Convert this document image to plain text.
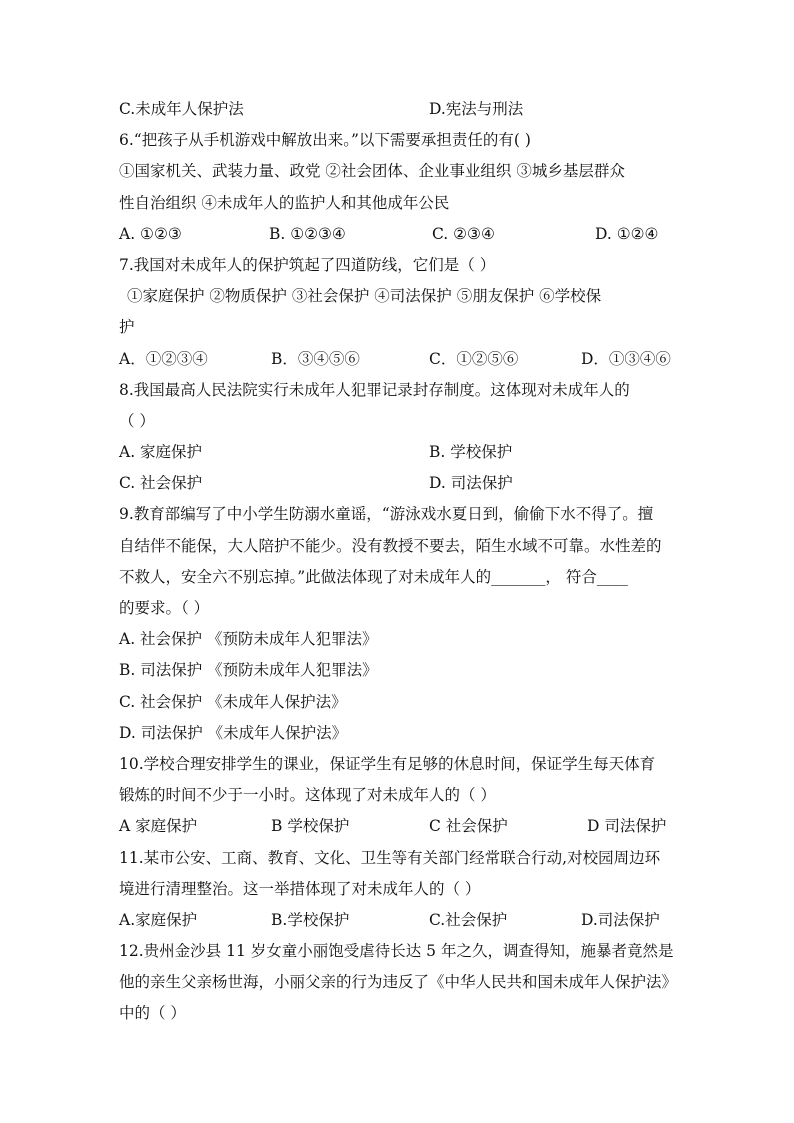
C.未成年人保护法	D.宪法与刑法
6.“把孩子从手机游戏中解放出来。”以下需要承担责任的有( )
①国家机关、武装力量、政党 ②社会团体、企业事业组织 ③城乡基层群众
性自治组织 ④未成年人的监护人和其他成年公民
A. ①②③	B. ①②③④	C. ②③④	D. ①②④
7.我国对未成年人的保护筑起了四道防线，它们是（ ）
①家庭保护 ②物质保护 ③社会保护 ④司法保护 ⑤朋友保护 ⑥学校保
护
A．①②③④	B．③④⑤⑥	C．①②⑤⑥	D．①③④⑥
8.我国最高人民法院实行未成年人犯罪记录封存制度。这体现对未成年人的
（ ）
A. 家庭保护	B. 学校保护
C. 社会保护	D. 司法保护
9.教育部编写了中小学生防溺水童谣，“游泳戏水夏日到，偷偷下水不得了。擅
自结伴不能保，大人陪护不能少。没有教授不要去，陌生水域不可靠。水性差的
不救人，安全六不别忘掉。”此做法体现了对未成年人的_______， 符合____
的要求。（ ）
A. 社会保护 《预防未成年人犯罪法》
B. 司法保护 《预防未成年人犯罪法》
C. 社会保护 《未成年人保护法》
D. 司法保护 《未成年人保护法》
10.学校合理安排学生的课业，保证学生有足够的休息时间，保证学生每天体育
锻炼的时间不少于一小时。这体现了对未成年人的（ ）
A 家庭保护	B 学校保护	C 社会保护	D 司法保护
11.某市公安、工商、教育、文化、卫生等有关部门经常联合行动,对校园周边环
境进行清理整治。这一举措体现了对未成年人的（ ）
A.家庭保护	B.学校保护	C.社会保护	D.司法保护
12.贵州金沙县 11 岁女童小丽饱受虐待长达 5 年之久，调查得知，施暴者竟然是
他的亲生父亲杨世海，小丽父亲的行为违反了《中华人民共和国未成年人保护法》
中的（ ）
